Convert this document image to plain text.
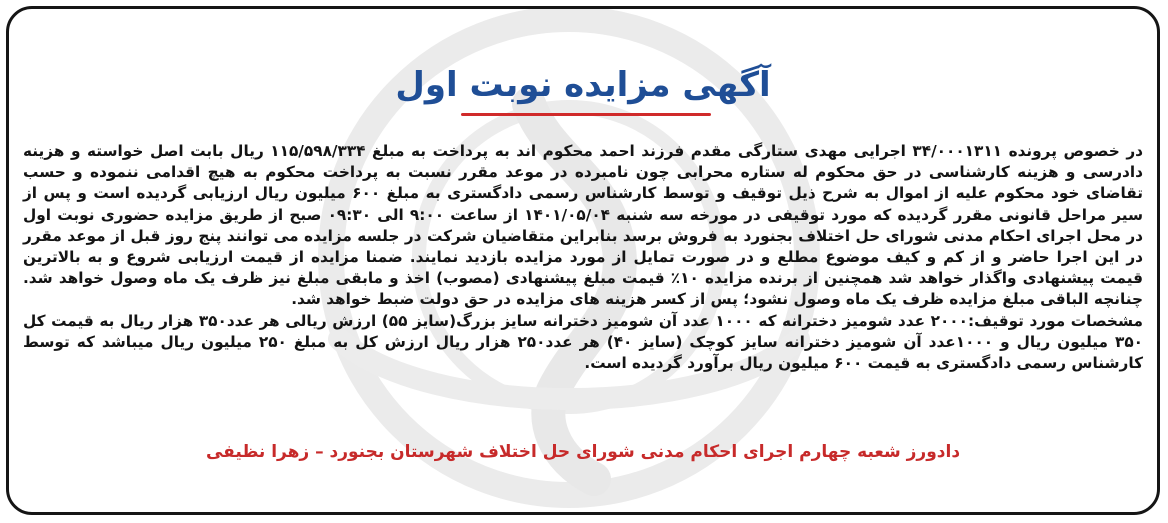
آگهی مزایده نوبت اول

در خصوص پرونده ۳۴/۰۰۰۱۳۱۱ اجرایی مهدی ستارگی مقدم فرزند احمد محکوم اند به پرداخت به مبلغ ۱۱۵/۵۹۸/۳۳۴ ریال بابت اصل خواسته و هزینه دادرسی و هزینه کارشناسی در حق محکوم له ستاره محرابی چون نامبرده در موعد مقرر نسبت به پرداخت محکوم به هیچ اقدامی ننموده و حسب تقاضای خود محکوم علیه از اموال به شرح ذیل توقیف و توسط کارشناس رسمی دادگستری به مبلغ ۶۰۰ میلیون ریال ارزیابی گردیده است و پس از سیر مراحل قانونی مقرر گردیده که مورد توقیفی در مورخه سه شنبه ۱۴۰۱/۰۵/۰۴ از ساعت ۹:۰۰ الی ۰۹:۳۰ صبح از طریق مزایده حضوری نوبت اول در محل اجرای احکام مدنی شورای حل اختلاف بجنورد به فروش برسد بنابراین متقاضیان شرکت در جلسه مزایده می توانند پنج روز قبل از موعد مقرر در این اجرا حاضر و از کم و کیف موضوع مطلع و در صورت تمایل از مورد مزایده بازدید نمایند. ضمنا مزایده از قیمت ارزیابی شروع و به بالاترین قیمت پیشنهادی واگذار خواهد شد همچنین از برنده مزایده ۱۰٪ قیمت مبلغ پیشنهادی (مصوب) اخذ و مابقی مبلغ نیز ظرف یک ماه وصول خواهد شد. چنانچه الباقی مبلغ مزایده ظرف یک ماه وصول نشود؛ پس از کسر هزینه های مزایده در حق دولت ضبط خواهد شد.

مشخصات مورد توقیف:۲۰۰۰ عدد شومیز دخترانه که ۱۰۰۰ عدد آن شومیز دخترانه سایز بزرگ(سایز ۵۵) ارزش ریالی هر عدد۳۵۰ هزار ریال به قیمت کل ۳۵۰ میلیون ریال و ۱۰۰۰عدد آن شومیز دخترانه سایز کوچک (سایز ۴۰) هر عدد۲۵۰ هزار ریال ارزش کل به مبلغ ۲۵۰ میلیون ریال میباشد که توسط کارشناس رسمی دادگستری به قیمت ۶۰۰ میلیون ریال برآورد گردیده است.

دادورز شعبه چهارم اجرای احکام مدنی شورای حل اختلاف شهرستان بجنورد – زهرا نظیفی
